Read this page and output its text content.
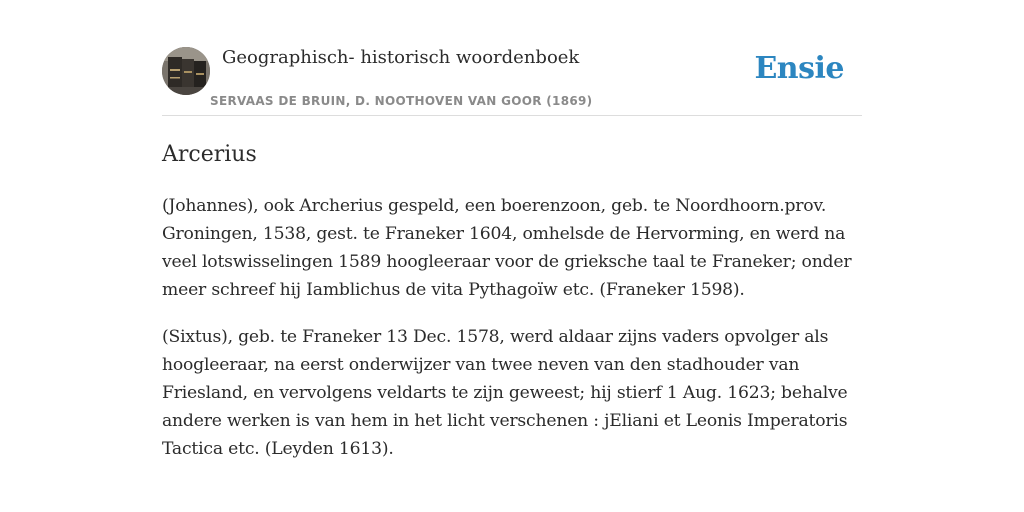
Geographisch- historisch woordenboek
SERVAAS DE BRUIN, D. NOOTHOVEN VAN GOOR (1869)
Ensie
Arcerius

(Johannes), ook Archerius gespeld, een boerenzoon, geb. te Noordhoorn.prov. Groningen, 1538, gest. te Franeker 1604, omhelsde de Hervorming, en werd na veel lotswisselingen 1589 hoogleeraar voor de grieksche taal te Franeker; onder meer schreef hij Iamblichus de vita Pythagoïw etc. (Franeker 1598).

(Sixtus), geb. te Franeker 13 Dec. 1578, werd aldaar zijns vaders opvolger als hoogleeraar, na eerst onderwijzer van twee neven van den stadhouder van Friesland, en vervolgens veldarts te zijn geweest; hij stierf 1 Aug. 1623; behalve andere werken is van hem in het licht verschenen : jEliani et Leonis Imperatoris Tactica etc. (Leyden 1613).
